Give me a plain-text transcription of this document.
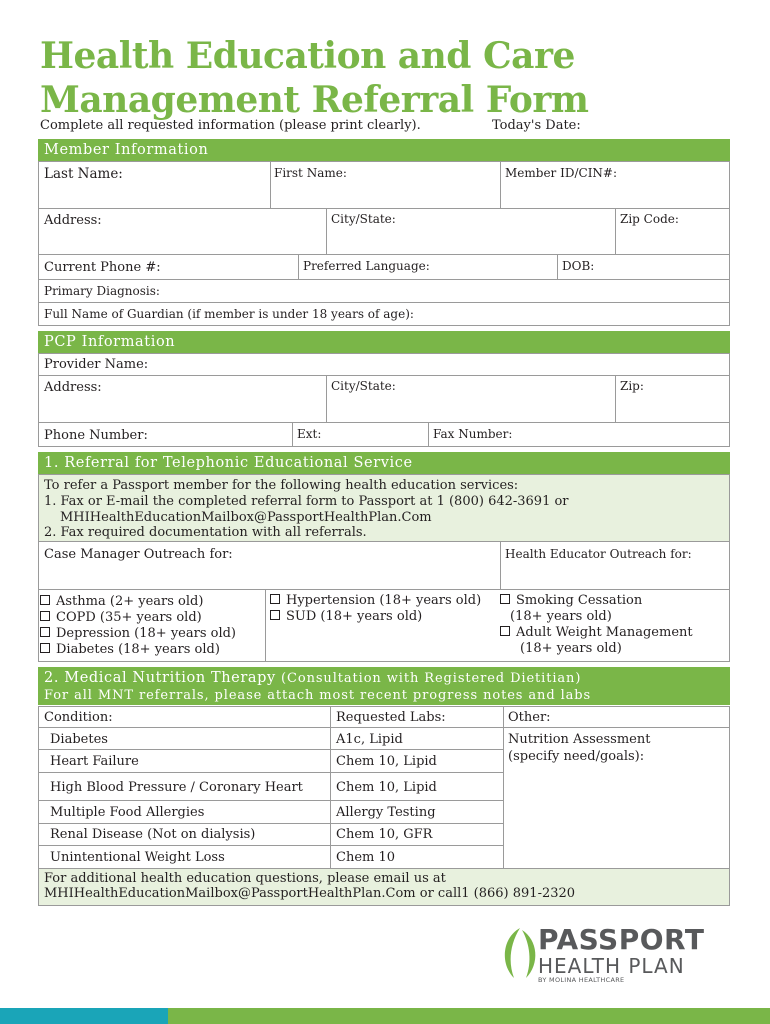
Health Education and Care
Management Referral Form
Complete all requested information (please print clearly).	Today's Date:
Member Information
Last Name:	First Name:	Member ID/CIN#:
Address:	City/State:	Zip Code:
Current Phone #:	Preferred Language:	DOB:
Primary Diagnosis:
Full Name of Guardian (if member is under 18 years of age):
PCP Information
Provider Name:
Address:	City/State:	Zip:
Phone Number:	Ext:	Fax Number:
1. Referral for Telephonic Educational Service
To refer a Passport member for the following health education services:
1. Fax or E-mail the completed referral form to Passport at 1 (800) 642-3691 or
MHIHealthEducationMailbox@PassportHealthPlan.Com
2. Fax required documentation with all referrals.
Case Manager Outreach for:	Health Educator Outreach for:
Asthma (2+ years old)
COPD (35+ years old)
Depression (18+ years old)
Diabetes (18+ years old)
Hypertension (18+ years old)
SUD (18+ years old)
Smoking Cessation
(18+ years old)
Adult Weight Management
(18+ years old)
2. Medical Nutrition Therapy (Consultation with Registered Dietitian)
For all MNT referrals, please attach most recent progress notes and labs
Condition:	Requested Labs:	Other:
Diabetes	A1c, Lipid
Heart Failure	Chem 10, Lipid
High Blood Pressure / Coronary Heart	Chem 10, Lipid
Multiple Food Allergies	Allergy Testing
Renal Disease (Not on dialysis)	Chem 10, GFR
Unintentional Weight Loss	Chem 10
Nutrition Assessment
(specify need/goals):
For additional health education questions, please email us at
MHIHealthEducationMailbox@PassportHealthPlan.Com or call1 (866) 891-2320
PASSPORT
HEALTH PLAN
BY MOLINA HEALTHCARE
